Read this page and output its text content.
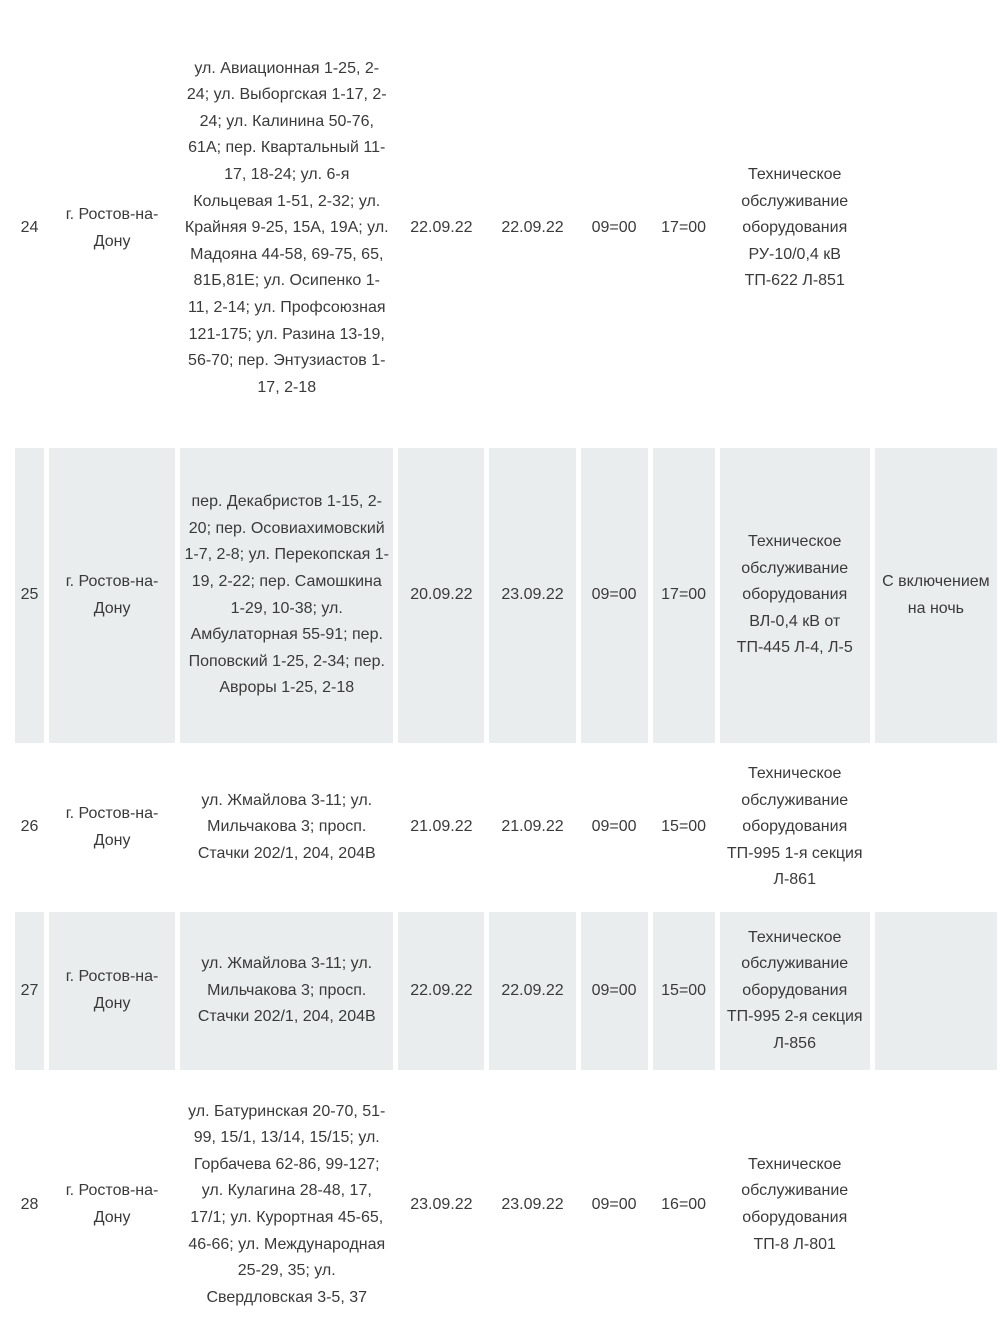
24	г. Ростов-на-Дону	ул. Авиационная 1-25, 2-24; ул. Выборгская 1-17, 2-24; ул. Калинина 50-76, 61А; пер. Квартальный 11-17, 18-24; ул. 6-я Кольцевая 1-51, 2-32; ул. Крайняя 9-25, 15А, 19А; ул. Мадояна 44-58, 69-75, 65, 81Б,81Е; ул. Осипенко 1-11, 2-14; ул. Профсоюзная 121-175; ул. Разина 13-19, 56-70; пер. Энтузиастов 1-17, 2-18	22.09.22	22.09.22	09=00	17=00	Техническое обслуживание оборудования РУ-10/0,4 кВ ТП-622 Л-851	
25	г. Ростов-на-Дону	пер. Декабристов 1-15, 2-20; пер. Осовиахимовский 1-7, 2-8; ул. Перекопская 1-19, 2-22; пер. Самошкина 1-29, 10-38; ул. Амбулаторная 55-91; пер. Поповский 1-25, 2-34; пер. Авроры 1-25, 2-18	20.09.22	23.09.22	09=00	17=00	Техническое обслуживание оборудования ВЛ-0,4 кВ от ТП-445 Л-4, Л-5	С включением на ночь
26	г. Ростов-на-Дону	ул. Жмайлова 3-11; ул. Мильчакова 3; просп. Стачки 202/1, 204, 204В	21.09.22	21.09.22	09=00	15=00	Техническое обслуживание оборудования ТП-995 1-я секция Л-861	
27	г. Ростов-на-Дону	ул. Жмайлова 3-11; ул. Мильчакова 3; просп. Стачки 202/1, 204, 204В	22.09.22	22.09.22	09=00	15=00	Техническое обслуживание оборудования ТП-995 2-я секция Л-856	
28	г. Ростов-на-Дону	ул. Батуринская 20-70, 51-99, 15/1, 13/14, 15/15; ул. Горбачева 62-86, 99-127; ул. Кулагина 28-48, 17, 17/1; ул. Курортная 45-65, 46-66; ул. Международная 25-29, 35; ул. Свердловская 3-5, 37	23.09.22	23.09.22	09=00	16=00	Техническое обслуживание оборудования ТП-8 Л-801	
